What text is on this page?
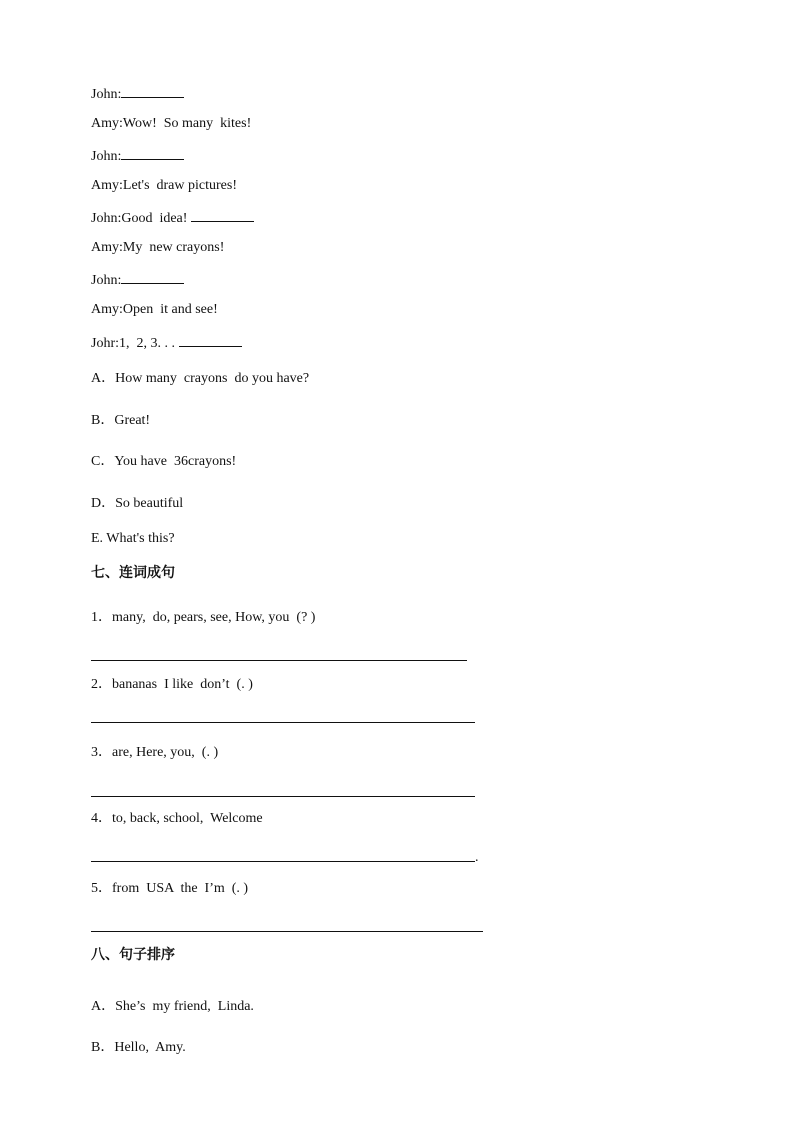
John:
Amy:Wow!  So many  kites!
John:
Amy:Let's  draw pictures!
John:Good  idea!
Amy:My  new crayons!
John:
Amy:Open  it and see!
Johr:1,  2, 3. . .
A．How many  crayons  do you have?
B．Great!
C．You have  36crayons!
D．So beautiful
E. What's this?
七、连词成句
1．many,  do, pears, see, How, you  (? )
2．bananas  I like  don’t  (. )
3．are, Here, you,  (. )
4．to, back, school,  Welcome
.
5．from  USA  the  I’m  (. )
八、句子排序
A．She’s  my friend,  Linda.
B．Hello,  Amy.
